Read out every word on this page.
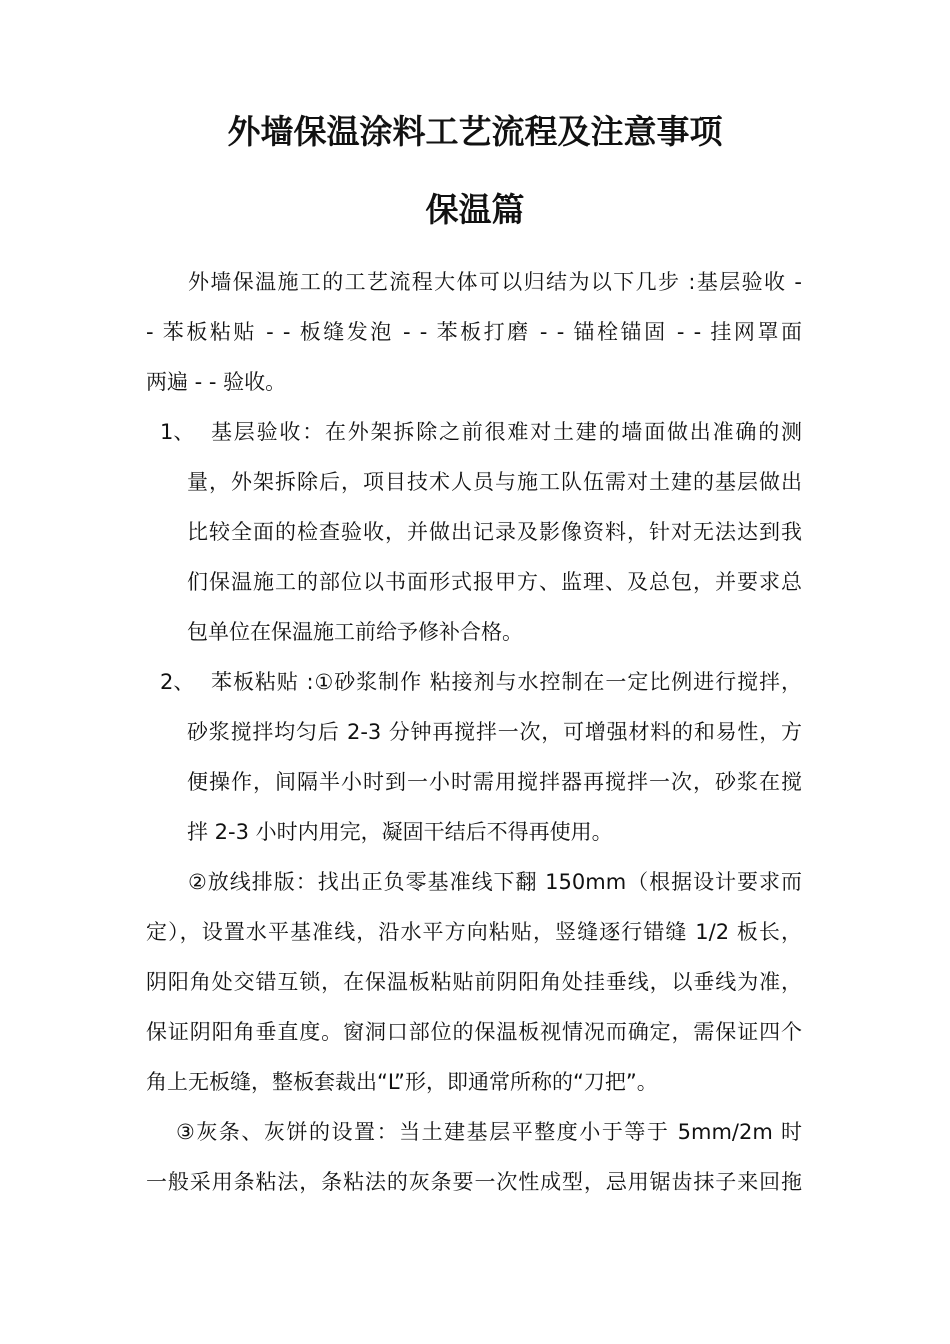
外墙保温涂料工艺流程及注意事项
保温篇
外墙保温施工的工艺流程大体可以归结为以下几步 :基层验收 -
- 苯板粘贴 - - 板缝发泡 - - 苯板打磨 - - 锚栓锚固 - - 挂网罩面
两遍 - - 验收。
1、 基层验收：在外架拆除之前很难对土建的墙面做出准确的测
量，外架拆除后，项目技术人员与施工队伍需对土建的基层做出
比较全面的检查验收，并做出记录及影像资料，针对无法达到我
们保温施工的部位以书面形式报甲方、监理、及总包，并要求总
包单位在保温施工前给予修补合格。
2、 苯板粘贴 :①砂浆制作 粘接剂与水控制在一定比例进行搅拌，
砂浆搅拌均匀后 2-3 分钟再搅拌一次，可增强材料的和易性，方
便操作，间隔半小时到一小时需用搅拌器再搅拌一次，砂浆在搅
拌 2-3 小时内用完，凝固干结后不得再使用。
②放线排版：找出正负零基准线下翻 150mm（根据设计要求而
定），设置水平基准线，沿水平方向粘贴，竖缝逐行错缝 1/2 板长，
阴阳角处交错互锁，在保温板粘贴前阴阳角处挂垂线，以垂线为准，
保证阴阳角垂直度。窗洞口部位的保温板视情况而确定，需保证四个
角上无板缝，整板套裁出“L”形，即通常所称的“刀把”。
③灰条、灰饼的设置：当土建基层平整度小于等于 5mm/2m 时
一般采用条粘法，条粘法的灰条要一次性成型，忌用锯齿抹子来回拖
